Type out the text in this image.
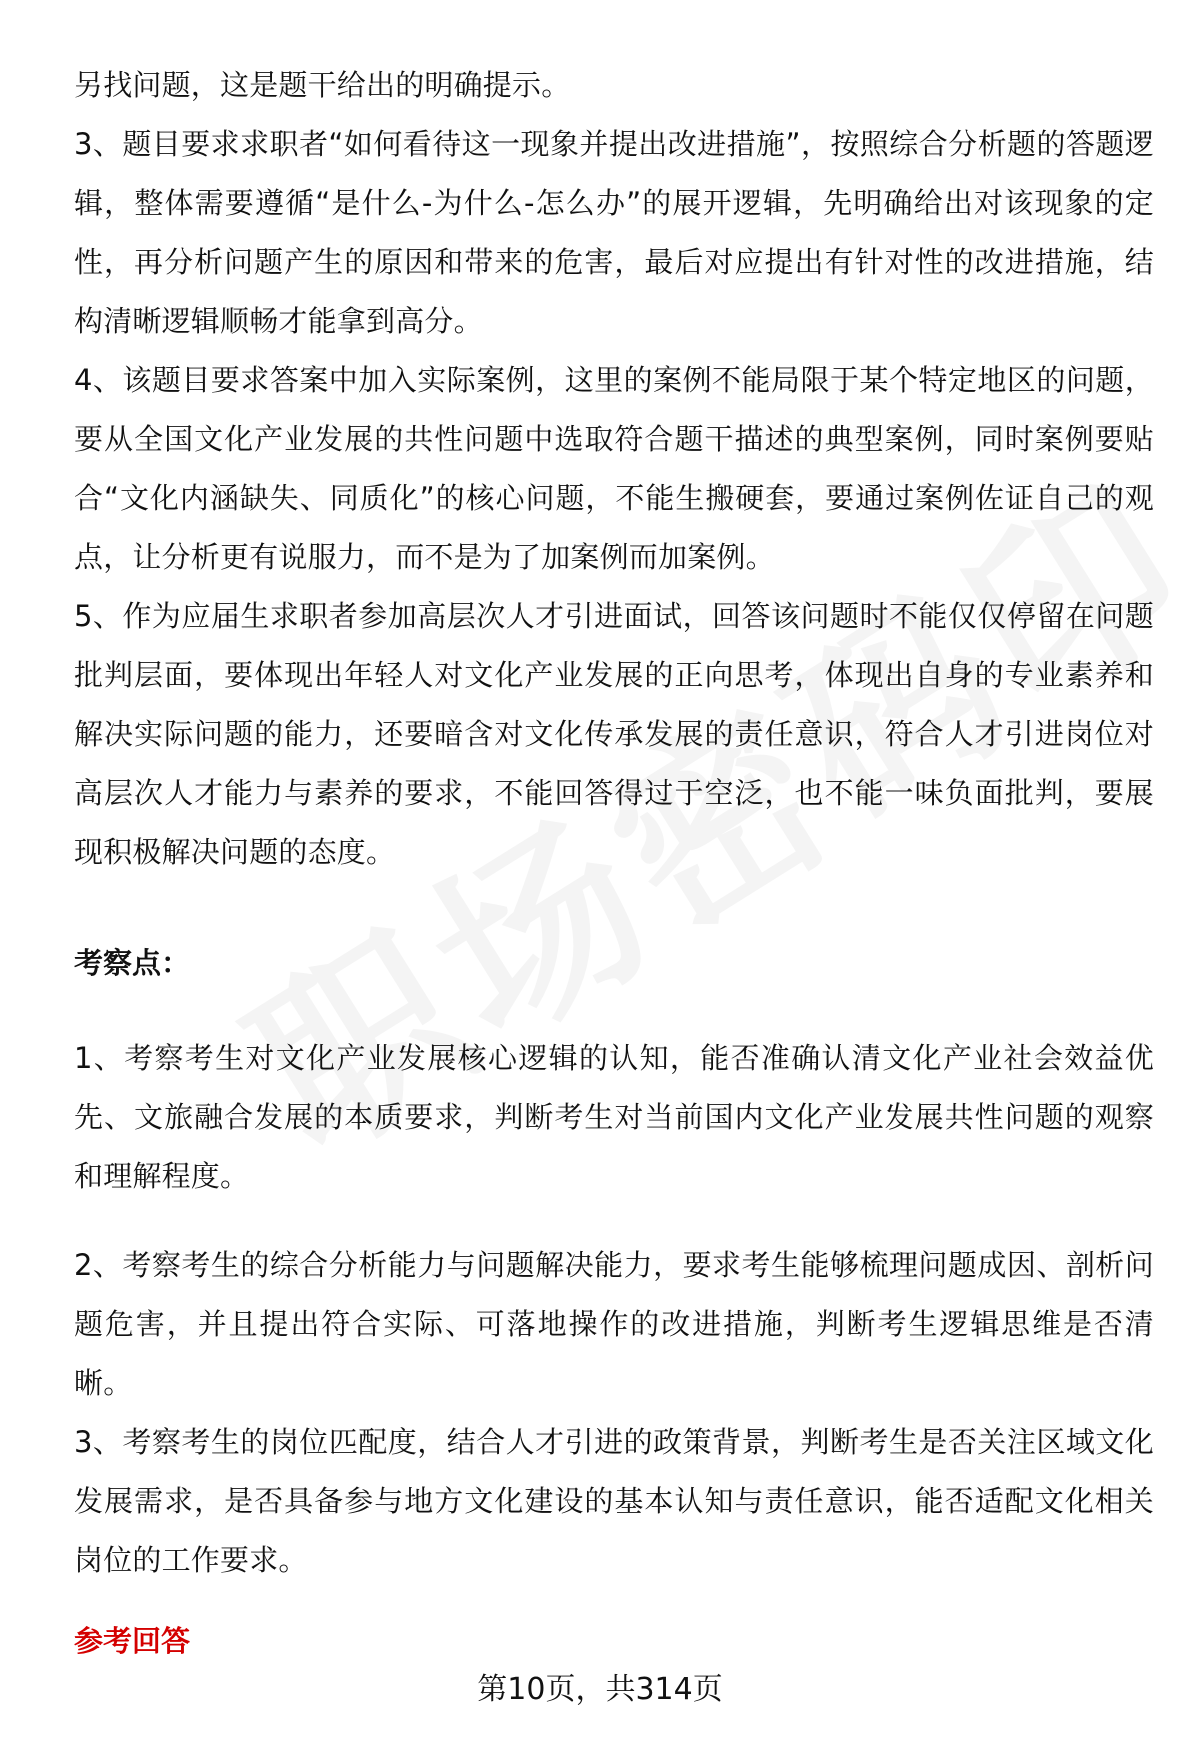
另找问题，这是题干给出的明确提示。

3、题目要求求职者“如何看待这一现象并提出改进措施”，按照综合分析题的答题逻辑，整体需要遵循“是什么-为什么-怎么办”的展开逻辑，先明确给出对该现象的定性，再分析问题产生的原因和带来的危害，最后对应提出有针对性的改进措施，结构清晰逻辑顺畅才能拿到高分。

4、该题目要求答案中加入实际案例，这里的案例不能局限于某个特定地区的问题，要从全国文化产业发展的共性问题中选取符合题干描述的典型案例，同时案例要贴合“文化内涵缺失、同质化”的核心问题，不能生搬硬套，要通过案例佐证自己的观点，让分析更有说服力，而不是为了加案例而加案例。

5、作为应届生求职者参加高层次人才引进面试，回答该问题时不能仅仅停留在问题批判层面，要体现出年轻人对文化产业发展的正向思考，体现出自身的专业素养和解决实际问题的能力，还要暗含对文化传承发展的责任意识，符合人才引进岗位对高层次人才能力与素养的要求，不能回答得过于空泛，也不能一味负面批判，要展现积极解决问题的态度。

考察点：

1、考察考生对文化产业发展核心逻辑的认知，能否准确认清文化产业社会效益优先、文旅融合发展的本质要求，判断考生对当前国内文化产业发展共性问题的观察和理解程度。

2、考察考生的综合分析能力与问题解决能力，要求考生能够梳理问题成因、剖析问题危害，并且提出符合实际、可落地操作的改进措施，判断考生逻辑思维是否清晰。

3、考察考生的岗位匹配度，结合人才引进的政策背景，判断考生是否关注区域文化发展需求，是否具备参与地方文化建设的基本认知与责任意识，能否适配文化相关岗位的工作要求。

参考回答

第10页，共314页
